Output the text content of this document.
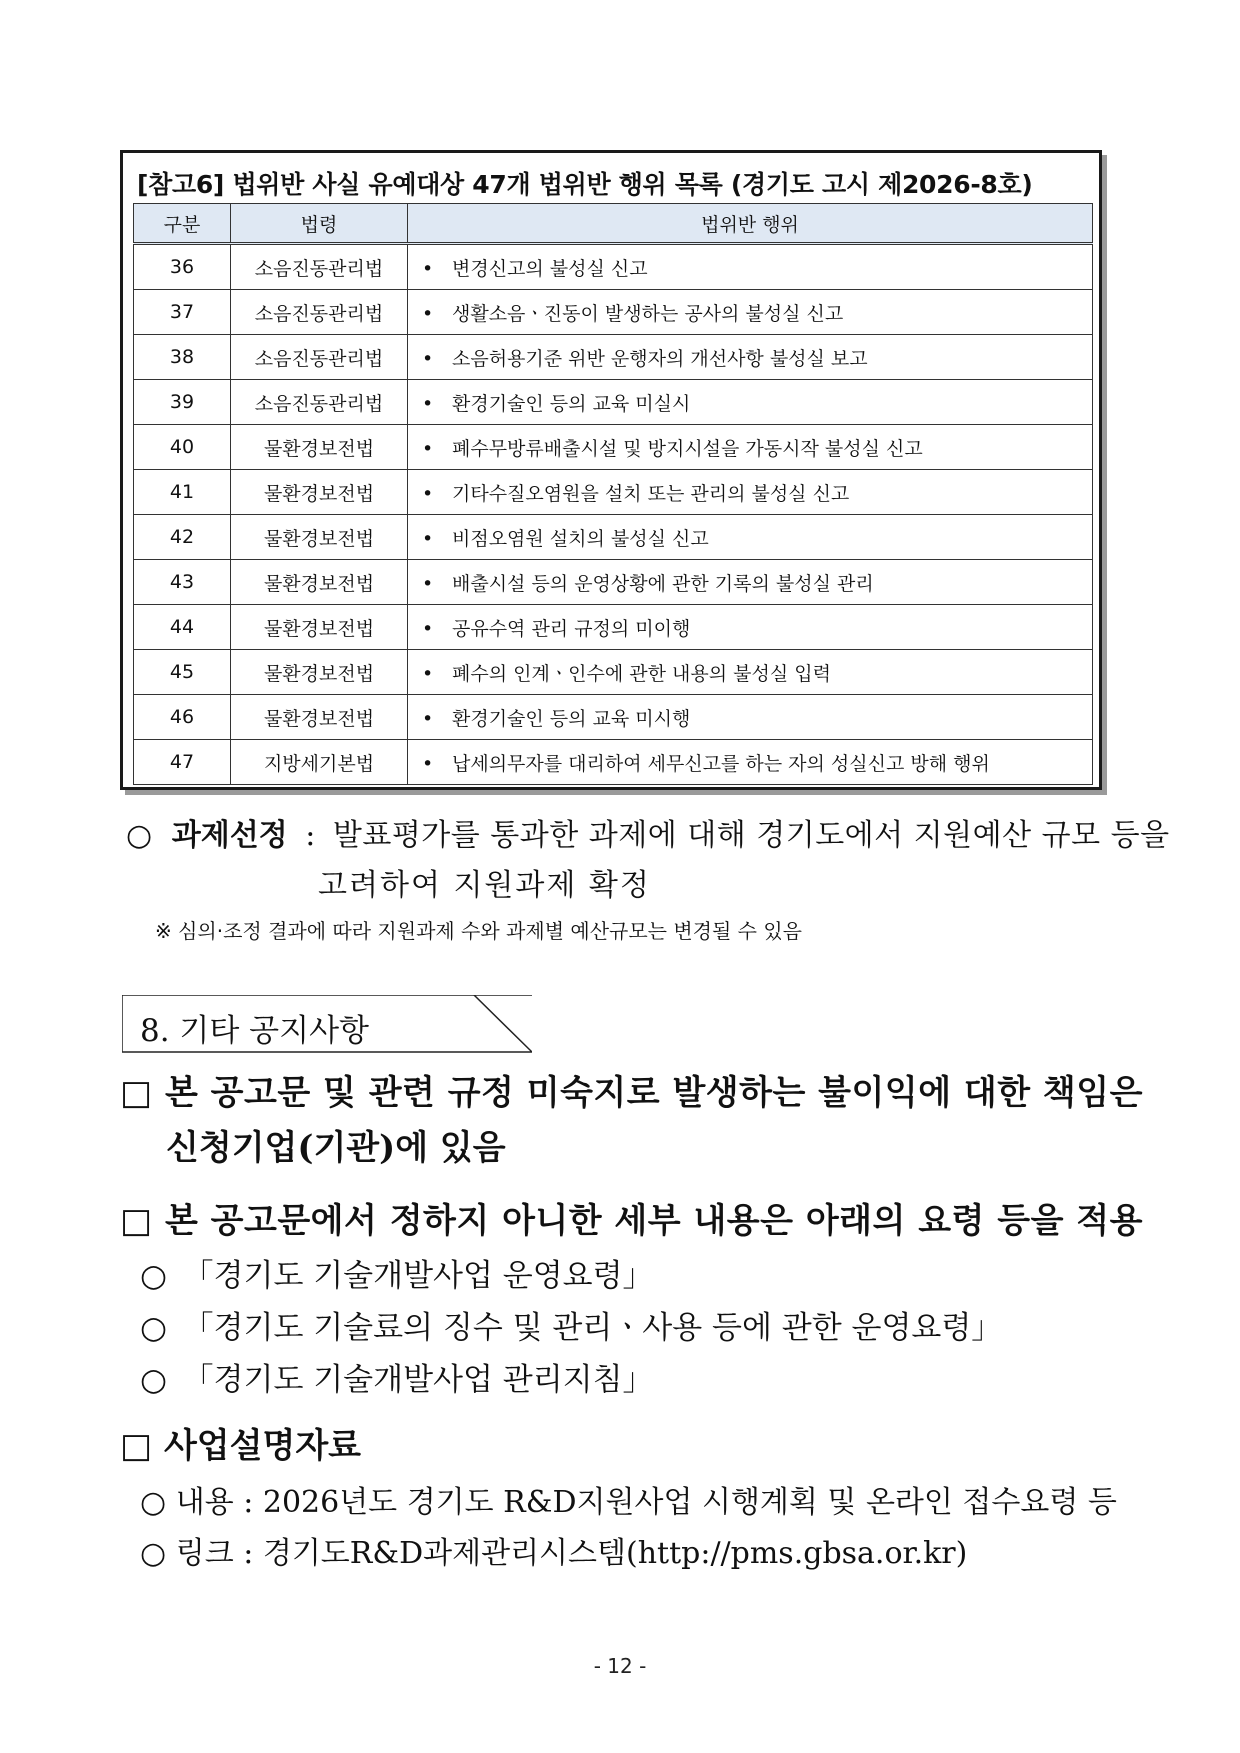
[참고6] 법위반 사실 유예대상 47개 법위반 행위 목록 (경기도 고시 제2026-8호)
구분	법령	법위반 행위
36	소음진동관리법	• 변경신고의 불성실 신고
37	소음진동관리법	• 생활소음ㆍ진동이 발생하는 공사의 불성실 신고
38	소음진동관리법	• 소음허용기준 위반 운행자의 개선사항 불성실 보고
39	소음진동관리법	• 환경기술인 등의 교육 미실시
40	물환경보전법	• 폐수무방류배출시설 및 방지시설을 가동시작 불성실 신고
41	물환경보전법	• 기타수질오염원을 설치 또는 관리의 불성실 신고
42	물환경보전법	• 비점오염원 설치의 불성실 신고
43	물환경보전법	• 배출시설 등의 운영상황에 관한 기록의 불성실 관리
44	물환경보전법	• 공유수역 관리 규정의 미이행
45	물환경보전법	• 폐수의 인계ㆍ인수에 관한 내용의 불성실 입력
46	물환경보전법	• 환경기술인 등의 교육 미시행
47	지방세기본법	• 납세의무자를 대리하여 세무신고를 하는 자의 성실신고 방해 행위
○ 과제선정 : 발표평가를 통과한 과제에 대해 경기도에서 지원예산 규모 등을
고려하여 지원과제 확정
※ 심의·조정 결과에 따라 지원과제 수와 과제별 예산규모는 변경될 수 있음
8. 기타 공지사항
□ 본 공고문 및 관련 규정 미숙지로 발생하는 불이익에 대한 책임은
신청기업(기관)에 있음
□ 본 공고문에서 정하지 아니한 세부 내용은 아래의 요령 등을 적용
○　「경기도 기술개발사업 운영요령」
○　「경기도 기술료의 징수 및 관리ㆍ사용 등에 관한 운영요령」
○　「경기도 기술개발사업 관리지침」
□ 사업설명자료
○ 내용 : 2026년도 경기도 R&D지원사업 시행계획 및 온라인 접수요령 등
○ 링크 : 경기도R&D과제관리시스템(http://pms.gbsa.or.kr)
- 12 -
